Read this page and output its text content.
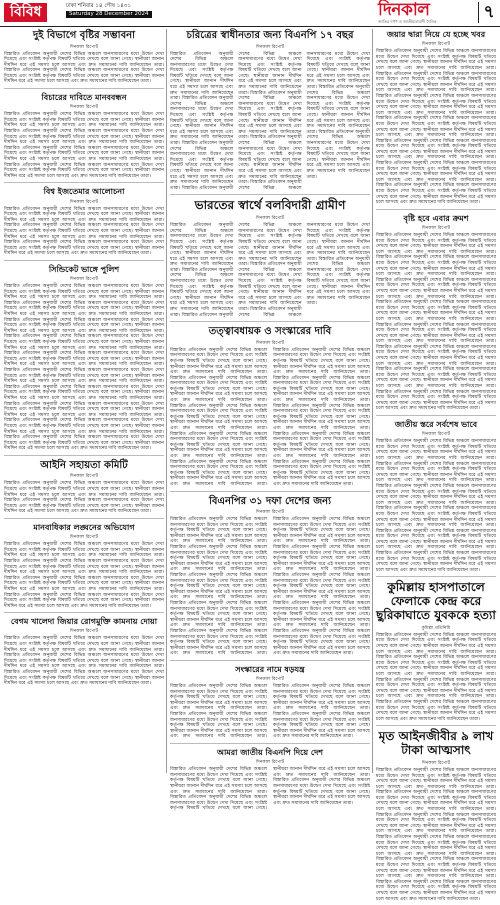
বিবিধ	ঢাকা শনিবার ১৪ পৌষ ১৪৩১
Saturday 28 December 2024	দিনকাল
জাতির দর্পণ ও জাতীয়তাবাদী দৈনিক	৭
দুই বিভাগে বৃষ্টির সম্ভাবনা
দিনকাল রিপোর্ট

বিস্তারিত প্রতিবেদন অনুযায়ী দেশের বিভিন্ন অঞ্চলে জনসাধারণের মধ্যে উদ্বেগ দেখা দিয়েছে এবং সংশ্লিষ্ট কর্তৃপক্ষ বিষয়টি খতিয়ে দেখছে বলে জানা গেছে। স্থানীয়রা জানান দীর্ঘদিন ধরে এই সমস্যা চলে আসছে এবং দ্রুত সমাধানের দাবি জানিয়েছেন তারা। বিস্তারিত প্রতিবেদন অনুযায়ী দেশের বিভিন্ন অঞ্চলে জনসাধারণের মধ্যে উদ্বেগ দেখা দিয়েছে এবং সংশ্লিষ্ট কর্তৃপক্ষ বিষয়টি খতিয়ে দেখছে বলে জানা গেছে। স্থানীয়রা জানান দীর্ঘদিন ধরে এই সমস্যা চলে আসছে এবং দ্রুত সমাধানের দাবি জানিয়েছেন তারা।

বিচারের দাবিতে মানববন্ধন
দিনকাল রিপোর্ট

বিস্তারিত প্রতিবেদন অনুযায়ী দেশের বিভিন্ন অঞ্চলে জনসাধারণের মধ্যে উদ্বেগ দেখা দিয়েছে এবং সংশ্লিষ্ট কর্তৃপক্ষ বিষয়টি খতিয়ে দেখছে বলে জানা গেছে। স্থানীয়রা জানান দীর্ঘদিন ধরে এই সমস্যা চলে আসছে এবং দ্রুত সমাধানের দাবি জানিয়েছেন তারা। বিস্তারিত প্রতিবেদন অনুযায়ী দেশের বিভিন্ন অঞ্চলে জনসাধারণের মধ্যে উদ্বেগ দেখা দিয়েছে এবং সংশ্লিষ্ট কর্তৃপক্ষ বিষয়টি খতিয়ে দেখছে বলে জানা গেছে। স্থানীয়রা জানান দীর্ঘদিন ধরে এই সমস্যা চলে আসছে এবং দ্রুত সমাধানের দাবি জানিয়েছেন তারা। বিস্তারিত প্রতিবেদন অনুযায়ী দেশের বিভিন্ন অঞ্চলে জনসাধারণের মধ্যে উদ্বেগ দেখা দিয়েছে এবং সংশ্লিষ্ট কর্তৃপক্ষ বিষয়টি খতিয়ে দেখছে বলে জানা গেছে। স্থানীয়রা জানান দীর্ঘদিন ধরে এই সমস্যা চলে আসছে এবং দ্রুত সমাধানের দাবি জানিয়েছেন তারা। বিস্তারিত প্রতিবেদন অনুযায়ী দেশের বিভিন্ন অঞ্চলে জনসাধারণের মধ্যে উদ্বেগ দেখা দিয়েছে এবং সংশ্লিষ্ট কর্তৃপক্ষ বিষয়টি খতিয়ে দেখছে বলে জানা গেছে। স্থানীয়রা জানান দীর্ঘদিন ধরে এই সমস্যা চলে আসছে এবং দ্রুত সমাধানের দাবি জানিয়েছেন তারা।

বিশ্ব ইজতেমার আলোচনা
দিনকাল রিপোর্ট

বিস্তারিত প্রতিবেদন অনুযায়ী দেশের বিভিন্ন অঞ্চলে জনসাধারণের মধ্যে উদ্বেগ দেখা দিয়েছে এবং সংশ্লিষ্ট কর্তৃপক্ষ বিষয়টি খতিয়ে দেখছে বলে জানা গেছে। স্থানীয়রা জানান দীর্ঘদিন ধরে এই সমস্যা চলে আসছে এবং দ্রুত সমাধানের দাবি জানিয়েছেন তারা। বিস্তারিত প্রতিবেদন অনুযায়ী দেশের বিভিন্ন অঞ্চলে জনসাধারণের মধ্যে উদ্বেগ দেখা দিয়েছে এবং সংশ্লিষ্ট কর্তৃপক্ষ বিষয়টি খতিয়ে দেখছে বলে জানা গেছে। স্থানীয়রা জানান দীর্ঘদিন ধরে এই সমস্যা চলে আসছে এবং দ্রুত সমাধানের দাবি জানিয়েছেন তারা। বিস্তারিত প্রতিবেদন অনুযায়ী দেশের বিভিন্ন অঞ্চলে জনসাধারণের মধ্যে উদ্বেগ দেখা দিয়েছে এবং সংশ্লিষ্ট কর্তৃপক্ষ বিষয়টি খতিয়ে দেখছে বলে জানা গেছে। স্থানীয়রা জানান দীর্ঘদিন ধরে এই সমস্যা চলে আসছে এবং দ্রুত সমাধানের দাবি জানিয়েছেন তারা।

সিন্ডিকেট ভাঙ্গে পুলিশ
দিনকাল রিপোর্ট

বিস্তারিত প্রতিবেদন অনুযায়ী দেশের বিভিন্ন অঞ্চলে জনসাধারণের মধ্যে উদ্বেগ দেখা দিয়েছে এবং সংশ্লিষ্ট কর্তৃপক্ষ বিষয়টি খতিয়ে দেখছে বলে জানা গেছে। স্থানীয়রা জানান দীর্ঘদিন ধরে এই সমস্যা চলে আসছে এবং দ্রুত সমাধানের দাবি জানিয়েছেন তারা। বিস্তারিত প্রতিবেদন অনুযায়ী দেশের বিভিন্ন অঞ্চলে জনসাধারণের মধ্যে উদ্বেগ দেখা দিয়েছে এবং সংশ্লিষ্ট কর্তৃপক্ষ বিষয়টি খতিয়ে দেখছে বলে জানা গেছে। স্থানীয়রা জানান দীর্ঘদিন ধরে এই সমস্যা চলে আসছে এবং দ্রুত সমাধানের দাবি জানিয়েছেন তারা। বিস্তারিত প্রতিবেদন অনুযায়ী দেশের বিভিন্ন অঞ্চলে জনসাধারণের মধ্যে উদ্বেগ দেখা দিয়েছে এবং সংশ্লিষ্ট কর্তৃপক্ষ বিষয়টি খতিয়ে দেখছে বলে জানা গেছে। স্থানীয়রা জানান দীর্ঘদিন ধরে এই সমস্যা চলে আসছে এবং দ্রুত সমাধানের দাবি জানিয়েছেন তারা। বিস্তারিত প্রতিবেদন অনুযায়ী দেশের বিভিন্ন অঞ্চলে জনসাধারণের মধ্যে উদ্বেগ দেখা দিয়েছে এবং সংশ্লিষ্ট কর্তৃপক্ষ বিষয়টি খতিয়ে দেখছে বলে জানা গেছে। স্থানীয়রা জানান দীর্ঘদিন ধরে এই সমস্যা চলে আসছে এবং দ্রুত সমাধানের দাবি জানিয়েছেন তারা। বিস্তারিত প্রতিবেদন অনুযায়ী দেশের বিভিন্ন অঞ্চলে জনসাধারণের মধ্যে উদ্বেগ দেখা দিয়েছে এবং সংশ্লিষ্ট কর্তৃপক্ষ বিষয়টি খতিয়ে দেখছে বলে জানা গেছে। স্থানীয়রা জানান দীর্ঘদিন ধরে এই সমস্যা চলে আসছে এবং দ্রুত সমাধানের দাবি জানিয়েছেন তারা। বিস্তারিত প্রতিবেদন অনুযায়ী দেশের বিভিন্ন অঞ্চলে জনসাধারণের মধ্যে উদ্বেগ দেখা দিয়েছে এবং সংশ্লিষ্ট কর্তৃপক্ষ বিষয়টি খতিয়ে দেখছে বলে জানা গেছে। স্থানীয়রা জানান দীর্ঘদিন ধরে এই সমস্যা চলে আসছে এবং দ্রুত সমাধানের দাবি জানিয়েছেন তারা। বিস্তারিত প্রতিবেদন অনুযায়ী দেশের বিভিন্ন অঞ্চলে জনসাধারণের মধ্যে উদ্বেগ দেখা দিয়েছে এবং সংশ্লিষ্ট কর্তৃপক্ষ বিষয়টি খতিয়ে দেখছে বলে জানা গেছে। স্থানীয়রা জানান দীর্ঘদিন ধরে এই সমস্যা চলে আসছে এবং দ্রুত সমাধানের দাবি জানিয়েছেন তারা। বিস্তারিত প্রতিবেদন অনুযায়ী দেশের বিভিন্ন অঞ্চলে জনসাধারণের মধ্যে উদ্বেগ দেখা দিয়েছে এবং সংশ্লিষ্ট কর্তৃপক্ষ বিষয়টি খতিয়ে দেখছে বলে জানা গেছে। স্থানীয়রা জানান দীর্ঘদিন ধরে এই সমস্যা চলে আসছে এবং দ্রুত সমাধানের দাবি জানিয়েছেন তারা। বিস্তারিত প্রতিবেদন অনুযায়ী দেশের বিভিন্ন অঞ্চলে জনসাধারণের মধ্যে উদ্বেগ দেখা দিয়েছে এবং সংশ্লিষ্ট কর্তৃপক্ষ বিষয়টি খতিয়ে দেখছে বলে জানা গেছে। স্থানীয়রা জানান দীর্ঘদিন ধরে এই সমস্যা চলে আসছে এবং দ্রুত সমাধানের দাবি জানিয়েছেন তারা। বিস্তারিত প্রতিবেদন অনুযায়ী দেশের বিভিন্ন অঞ্চলে জনসাধারণের মধ্যে উদ্বেগ দেখা দিয়েছে এবং সংশ্লিষ্ট কর্তৃপক্ষ বিষয়টি খতিয়ে দেখছে বলে জানা গেছে। স্থানীয়রা জানান দীর্ঘদিন ধরে এই সমস্যা চলে আসছে এবং দ্রুত সমাধানের দাবি জানিয়েছেন তারা।

আইনি সহায়তা কমিটি
দিনকাল রিপোর্ট

বিস্তারিত প্রতিবেদন অনুযায়ী দেশের বিভিন্ন অঞ্চলে জনসাধারণের মধ্যে উদ্বেগ দেখা দিয়েছে এবং সংশ্লিষ্ট কর্তৃপক্ষ বিষয়টি খতিয়ে দেখছে বলে জানা গেছে। স্থানীয়রা জানান দীর্ঘদিন ধরে এই সমস্যা চলে আসছে এবং দ্রুত সমাধানের দাবি জানিয়েছেন তারা। বিস্তারিত প্রতিবেদন অনুযায়ী দেশের বিভিন্ন অঞ্চলে জনসাধারণের মধ্যে উদ্বেগ দেখা দিয়েছে এবং সংশ্লিষ্ট কর্তৃপক্ষ বিষয়টি খতিয়ে দেখছে বলে জানা গেছে। স্থানীয়রা জানান দীর্ঘদিন ধরে এই সমস্যা চলে আসছে এবং দ্রুত সমাধানের দাবি জানিয়েছেন তারা।

মানবাধিকার লঙ্ঘনের অভিযোগ
দিনকাল রিপোর্ট

বিস্তারিত প্রতিবেদন অনুযায়ী দেশের বিভিন্ন অঞ্চলে জনসাধারণের মধ্যে উদ্বেগ দেখা দিয়েছে এবং সংশ্লিষ্ট কর্তৃপক্ষ বিষয়টি খতিয়ে দেখছে বলে জানা গেছে। স্থানীয়রা জানান দীর্ঘদিন ধরে এই সমস্যা চলে আসছে এবং দ্রুত সমাধানের দাবি জানিয়েছেন তারা। বিস্তারিত প্রতিবেদন অনুযায়ী দেশের বিভিন্ন অঞ্চলে জনসাধারণের মধ্যে উদ্বেগ দেখা দিয়েছে এবং সংশ্লিষ্ট কর্তৃপক্ষ বিষয়টি খতিয়ে দেখছে বলে জানা গেছে। স্থানীয়রা জানান দীর্ঘদিন ধরে এই সমস্যা চলে আসছে এবং দ্রুত সমাধানের দাবি জানিয়েছেন তারা। বিস্তারিত প্রতিবেদন অনুযায়ী দেশের বিভিন্ন অঞ্চলে জনসাধারণের মধ্যে উদ্বেগ দেখা দিয়েছে এবং সংশ্লিষ্ট কর্তৃপক্ষ বিষয়টি খতিয়ে দেখছে বলে জানা গেছে। স্থানীয়রা জানান দীর্ঘদিন ধরে এই সমস্যা চলে আসছে এবং দ্রুত সমাধানের দাবি জানিয়েছেন তারা। বিস্তারিত প্রতিবেদন অনুযায়ী দেশের বিভিন্ন অঞ্চলে জনসাধারণের মধ্যে উদ্বেগ দেখা দিয়েছে এবং সংশ্লিষ্ট কর্তৃপক্ষ বিষয়টি খতিয়ে দেখছে বলে জানা গেছে। স্থানীয়রা জানান দীর্ঘদিন ধরে এই সমস্যা চলে আসছে এবং দ্রুত সমাধানের দাবি জানিয়েছেন তারা।

বেগম খালেদা জিয়ার রোগমুক্তি কামনায় দোয়া
দিনকাল রিপোর্ট

বিস্তারিত প্রতিবেদন অনুযায়ী দেশের বিভিন্ন অঞ্চলে জনসাধারণের মধ্যে উদ্বেগ দেখা দিয়েছে এবং সংশ্লিষ্ট কর্তৃপক্ষ বিষয়টি খতিয়ে দেখছে বলে জানা গেছে। স্থানীয়রা জানান দীর্ঘদিন ধরে এই সমস্যা চলে আসছে এবং দ্রুত সমাধানের দাবি জানিয়েছেন তারা। বিস্তারিত প্রতিবেদন অনুযায়ী দেশের বিভিন্ন অঞ্চলে জনসাধারণের মধ্যে উদ্বেগ দেখা দিয়েছে এবং সংশ্লিষ্ট কর্তৃপক্ষ বিষয়টি খতিয়ে দেখছে বলে জানা গেছে। স্থানীয়রা জানান দীর্ঘদিন ধরে এই সমস্যা চলে আসছে এবং দ্রুত সমাধানের দাবি জানিয়েছেন তারা। বিস্তারিত প্রতিবেদন অনুযায়ী দেশের বিভিন্ন অঞ্চলে জনসাধারণের মধ্যে উদ্বেগ দেখা দিয়েছে এবং সংশ্লিষ্ট কর্তৃপক্ষ বিষয়টি খতিয়ে দেখছে বলে জানা গেছে। স্থানীয়রা জানান দীর্ঘদিন ধরে এই সমস্যা চলে আসছে এবং দ্রুত সমাধানের দাবি জানিয়েছেন তারা।

চরিত্রের স্বাধীনতার জন্য বিএনপি ১৭ বছর
দিনকাল রিপোর্ট

বিস্তারিত প্রতিবেদন অনুযায়ী দেশের বিভিন্ন অঞ্চলে জনসাধারণের মধ্যে উদ্বেগ দেখা দিয়েছে এবং সংশ্লিষ্ট কর্তৃপক্ষ বিষয়টি খতিয়ে দেখছে বলে জানা গেছে। স্থানীয়রা জানান দীর্ঘদিন ধরে এই সমস্যা চলে আসছে এবং দ্রুত সমাধানের দাবি জানিয়েছেন তারা। বিস্তারিত প্রতিবেদন অনুযায়ী দেশের বিভিন্ন অঞ্চলে জনসাধারণের মধ্যে উদ্বেগ দেখা দিয়েছে এবং সংশ্লিষ্ট কর্তৃপক্ষ বিষয়টি খতিয়ে দেখছে বলে জানা গেছে। স্থানীয়রা জানান দীর্ঘদিন ধরে এই সমস্যা চলে আসছে এবং দ্রুত সমাধানের দাবি জানিয়েছেন তারা। বিস্তারিত প্রতিবেদন অনুযায়ী দেশের বিভিন্ন অঞ্চলে জনসাধারণের মধ্যে উদ্বেগ দেখা দিয়েছে এবং সংশ্লিষ্ট কর্তৃপক্ষ বিষয়টি খতিয়ে দেখছে বলে জানা গেছে। স্থানীয়রা জানান দীর্ঘদিন ধরে এই সমস্যা চলে আসছে এবং দ্রুত সমাধানের দাবি জানিয়েছেন তারা। বিস্তারিত প্রতিবেদন অনুযায়ী দেশের বিভিন্ন অঞ্চলে জনসাধারণের মধ্যে উদ্বেগ দেখা দিয়েছে এবং সংশ্লিষ্ট কর্তৃপক্ষ বিষয়টি খতিয়ে দেখছে বলে জানা গেছে। স্থানীয়রা জানান দীর্ঘদিন ধরে এই সমস্যা চলে আসছে এবং দ্রুত সমাধানের দাবি জানিয়েছেন তারা। বিস্তারিত প্রতিবেদন অনুযায়ী দেশের বিভিন্ন অঞ্চলে জনসাধারণের মধ্যে উদ্বেগ দেখা দিয়েছে এবং সংশ্লিষ্ট কর্তৃপক্ষ বিষয়টি খতিয়ে দেখছে বলে জানা গেছে। স্থানীয়রা জানান দীর্ঘদিন ধরে এই সমস্যা চলে আসছে এবং দ্রুত সমাধানের দাবি জানিয়েছেন তারা। বিস্তারিত প্রতিবেদন অনুযায়ী দেশের বিভিন্ন অঞ্চলে জনসাধারণের মধ্যে উদ্বেগ দেখা দিয়েছে এবং সংশ্লিষ্ট কর্তৃপক্ষ বিষয়টি খতিয়ে দেখছে বলে জানা গেছে। স্থানীয়রা জানান দীর্ঘদিন ধরে এই সমস্যা চলে আসছে এবং দ্রুত সমাধানের দাবি জানিয়েছেন তারা। বিস্তারিত প্রতিবেদন অনুযায়ী দেশের বিভিন্ন অঞ্চলে জনসাধারণের মধ্যে উদ্বেগ দেখা দিয়েছে এবং সংশ্লিষ্ট কর্তৃপক্ষ বিষয়টি খতিয়ে দেখছে বলে জানা গেছে। স্থানীয়রা জানান দীর্ঘদিন ধরে এই সমস্যা চলে আসছে এবং দ্রুত সমাধানের দাবি জানিয়েছেন তারা। বিস্তারিত প্রতিবেদন অনুযায়ী দেশের বিভিন্ন অঞ্চলে জনসাধারণের মধ্যে উদ্বেগ দেখা দিয়েছে এবং সংশ্লিষ্ট কর্তৃপক্ষ বিষয়টি খতিয়ে দেখছে বলে জানা গেছে। স্থানীয়রা জানান দীর্ঘদিন ধরে এই সমস্যা চলে আসছে এবং দ্রুত সমাধানের দাবি জানিয়েছেন তারা। বিস্তারিত প্রতিবেদন অনুযায়ী দেশের বিভিন্ন অঞ্চলে জনসাধারণের মধ্যে উদ্বেগ দেখা দিয়েছে এবং সংশ্লিষ্ট কর্তৃপক্ষ বিষয়টি খতিয়ে দেখছে বলে জানা গেছে। স্থানীয়রা জানান দীর্ঘদিন ধরে এই সমস্যা চলে আসছে এবং দ্রুত সমাধানের দাবি জানিয়েছেন তারা।

ভারতের স্বার্থে বলবিদারী গ্রামীণ
দিনকাল রিপোর্ট

বিস্তারিত প্রতিবেদন অনুযায়ী দেশের বিভিন্ন অঞ্চলে জনসাধারণের মধ্যে উদ্বেগ দেখা দিয়েছে এবং সংশ্লিষ্ট কর্তৃপক্ষ বিষয়টি খতিয়ে দেখছে বলে জানা গেছে। স্থানীয়রা জানান দীর্ঘদিন ধরে এই সমস্যা চলে আসছে এবং দ্রুত সমাধানের দাবি জানিয়েছেন তারা। বিস্তারিত প্রতিবেদন অনুযায়ী দেশের বিভিন্ন অঞ্চলে জনসাধারণের মধ্যে উদ্বেগ দেখা দিয়েছে এবং সংশ্লিষ্ট কর্তৃপক্ষ বিষয়টি খতিয়ে দেখছে বলে জানা গেছে। স্থানীয়রা জানান দীর্ঘদিন ধরে এই সমস্যা চলে আসছে এবং দ্রুত সমাধানের দাবি জানিয়েছেন তারা। বিস্তারিত প্রতিবেদন অনুযায়ী দেশের বিভিন্ন অঞ্চলে জনসাধারণের মধ্যে উদ্বেগ দেখা দিয়েছে এবং সংশ্লিষ্ট কর্তৃপক্ষ বিষয়টি খতিয়ে দেখছে বলে জানা গেছে। স্থানীয়রা জানান দীর্ঘদিন ধরে এই সমস্যা চলে আসছে এবং দ্রুত সমাধানের দাবি জানিয়েছেন তারা। বিস্তারিত প্রতিবেদন অনুযায়ী দেশের বিভিন্ন অঞ্চলে জনসাধারণের মধ্যে উদ্বেগ দেখা দিয়েছে এবং সংশ্লিষ্ট কর্তৃপক্ষ বিষয়টি খতিয়ে দেখছে বলে জানা গেছে। স্থানীয়রা জানান দীর্ঘদিন ধরে এই সমস্যা চলে আসছে এবং দ্রুত সমাধানের দাবি জানিয়েছেন তারা। বিস্তারিত প্রতিবেদন অনুযায়ী দেশের বিভিন্ন অঞ্চলে জনসাধারণের মধ্যে উদ্বেগ দেখা দিয়েছে এবং সংশ্লিষ্ট কর্তৃপক্ষ বিষয়টি খতিয়ে দেখছে বলে জানা গেছে। স্থানীয়রা জানান দীর্ঘদিন ধরে এই সমস্যা চলে আসছে এবং দ্রুত সমাধানের দাবি জানিয়েছেন তারা। বিস্তারিত প্রতিবেদন অনুযায়ী দেশের বিভিন্ন অঞ্চলে জনসাধারণের মধ্যে উদ্বেগ দেখা দিয়েছে এবং সংশ্লিষ্ট কর্তৃপক্ষ বিষয়টি খতিয়ে দেখছে বলে জানা গেছে। স্থানীয়রা জানান দীর্ঘদিন ধরে এই সমস্যা চলে আসছে এবং দ্রুত সমাধানের দাবি জানিয়েছেন তারা।

তত্ত্বাবধায়ক ও সংস্কারের দাবি
দিনকাল রিপোর্ট

বিস্তারিত প্রতিবেদন অনুযায়ী দেশের বিভিন্ন অঞ্চলে জনসাধারণের মধ্যে উদ্বেগ দেখা দিয়েছে এবং সংশ্লিষ্ট কর্তৃপক্ষ বিষয়টি খতিয়ে দেখছে বলে জানা গেছে। স্থানীয়রা জানান দীর্ঘদিন ধরে এই সমস্যা চলে আসছে এবং দ্রুত সমাধানের দাবি জানিয়েছেন তারা। বিস্তারিত প্রতিবেদন অনুযায়ী দেশের বিভিন্ন অঞ্চলে জনসাধারণের মধ্যে উদ্বেগ দেখা দিয়েছে এবং সংশ্লিষ্ট কর্তৃপক্ষ বিষয়টি খতিয়ে দেখছে বলে জানা গেছে। স্থানীয়রা জানান দীর্ঘদিন ধরে এই সমস্যা চলে আসছে এবং দ্রুত সমাধানের দাবি জানিয়েছেন তারা। বিস্তারিত প্রতিবেদন অনুযায়ী দেশের বিভিন্ন অঞ্চলে জনসাধারণের মধ্যে উদ্বেগ দেখা দিয়েছে এবং সংশ্লিষ্ট কর্তৃপক্ষ বিষয়টি খতিয়ে দেখছে বলে জানা গেছে। স্থানীয়রা জানান দীর্ঘদিন ধরে এই সমস্যা চলে আসছে এবং দ্রুত সমাধানের দাবি জানিয়েছেন তারা। বিস্তারিত প্রতিবেদন অনুযায়ী দেশের বিভিন্ন অঞ্চলে জনসাধারণের মধ্যে উদ্বেগ দেখা দিয়েছে এবং সংশ্লিষ্ট কর্তৃপক্ষ বিষয়টি খতিয়ে দেখছে বলে জানা গেছে। স্থানীয়রা জানান দীর্ঘদিন ধরে এই সমস্যা চলে আসছে এবং দ্রুত সমাধানের দাবি জানিয়েছেন তারা। বিস্তারিত প্রতিবেদন অনুযায়ী দেশের বিভিন্ন অঞ্চলে জনসাধারণের মধ্যে উদ্বেগ দেখা দিয়েছে এবং সংশ্লিষ্ট কর্তৃপক্ষ বিষয়টি খতিয়ে দেখছে বলে জানা গেছে। স্থানীয়রা জানান দীর্ঘদিন ধরে এই সমস্যা চলে আসছে এবং দ্রুত সমাধানের দাবি জানিয়েছেন তারা। বিস্তারিত প্রতিবেদন অনুযায়ী দেশের বিভিন্ন অঞ্চলে জনসাধারণের মধ্যে উদ্বেগ দেখা দিয়েছে এবং সংশ্লিষ্ট কর্তৃপক্ষ বিষয়টি খতিয়ে দেখছে বলে জানা গেছে। স্থানীয়রা জানান দীর্ঘদিন ধরে এই সমস্যা চলে আসছে এবং দ্রুত সমাধানের দাবি জানিয়েছেন তারা। বিস্তারিত প্রতিবেদন অনুযায়ী দেশের বিভিন্ন অঞ্চলে জনসাধারণের মধ্যে উদ্বেগ দেখা দিয়েছে এবং সংশ্লিষ্ট কর্তৃপক্ষ বিষয়টি খতিয়ে দেখছে বলে জানা গেছে। স্থানীয়রা জানান দীর্ঘদিন ধরে এই সমস্যা চলে আসছে এবং দ্রুত সমাধানের দাবি জানিয়েছেন তারা। বিস্তারিত প্রতিবেদন অনুযায়ী দেশের বিভিন্ন অঞ্চলে জনসাধারণের মধ্যে উদ্বেগ দেখা দিয়েছে এবং সংশ্লিষ্ট কর্তৃপক্ষ বিষয়টি খতিয়ে দেখছে বলে জানা গেছে। স্থানীয়রা জানান দীর্ঘদিন ধরে এই সমস্যা চলে আসছে এবং দ্রুত সমাধানের দাবি জানিয়েছেন তারা। বিস্তারিত প্রতিবেদন অনুযায়ী দেশের বিভিন্ন অঞ্চলে জনসাধারণের মধ্যে উদ্বেগ দেখা দিয়েছে এবং সংশ্লিষ্ট কর্তৃপক্ষ বিষয়টি খতিয়ে দেখছে বলে জানা গেছে। স্থানীয়রা জানান দীর্ঘদিন ধরে এই সমস্যা চলে আসছে এবং দ্রুত সমাধানের দাবি জানিয়েছেন তারা। বিস্তারিত প্রতিবেদন অনুযায়ী দেশের বিভিন্ন অঞ্চলে জনসাধারণের মধ্যে উদ্বেগ দেখা দিয়েছে এবং সংশ্লিষ্ট কর্তৃপক্ষ বিষয়টি খতিয়ে দেখছে বলে জানা গেছে। স্থানীয়রা জানান দীর্ঘদিন ধরে এই সমস্যা চলে আসছে এবং দ্রুত সমাধানের দাবি জানিয়েছেন তারা।

বিএনপির ৩১ দফা দেশের জন্য
দিনকাল রিপোর্ট

বিস্তারিত প্রতিবেদন অনুযায়ী দেশের বিভিন্ন অঞ্চলে জনসাধারণের মধ্যে উদ্বেগ দেখা দিয়েছে এবং সংশ্লিষ্ট কর্তৃপক্ষ বিষয়টি খতিয়ে দেখছে বলে জানা গেছে। স্থানীয়রা জানান দীর্ঘদিন ধরে এই সমস্যা চলে আসছে এবং দ্রুত সমাধানের দাবি জানিয়েছেন তারা। বিস্তারিত প্রতিবেদন অনুযায়ী দেশের বিভিন্ন অঞ্চলে জনসাধারণের মধ্যে উদ্বেগ দেখা দিয়েছে এবং সংশ্লিষ্ট কর্তৃপক্ষ বিষয়টি খতিয়ে দেখছে বলে জানা গেছে। স্থানীয়রা জানান দীর্ঘদিন ধরে এই সমস্যা চলে আসছে এবং দ্রুত সমাধানের দাবি জানিয়েছেন তারা। বিস্তারিত প্রতিবেদন অনুযায়ী দেশের বিভিন্ন অঞ্চলে জনসাধারণের মধ্যে উদ্বেগ দেখা দিয়েছে এবং সংশ্লিষ্ট কর্তৃপক্ষ বিষয়টি খতিয়ে দেখছে বলে জানা গেছে। স্থানীয়রা জানান দীর্ঘদিন ধরে এই সমস্যা চলে আসছে এবং দ্রুত সমাধানের দাবি জানিয়েছেন তারা। বিস্তারিত প্রতিবেদন অনুযায়ী দেশের বিভিন্ন অঞ্চলে জনসাধারণের মধ্যে উদ্বেগ দেখা দিয়েছে এবং সংশ্লিষ্ট কর্তৃপক্ষ বিষয়টি খতিয়ে দেখছে বলে জানা গেছে। স্থানীয়রা জানান দীর্ঘদিন ধরে এই সমস্যা চলে আসছে এবং দ্রুত সমাধানের দাবি জানিয়েছেন তারা। বিস্তারিত প্রতিবেদন অনুযায়ী দেশের বিভিন্ন অঞ্চলে জনসাধারণের মধ্যে উদ্বেগ দেখা দিয়েছে এবং সংশ্লিষ্ট কর্তৃপক্ষ বিষয়টি খতিয়ে দেখছে বলে জানা গেছে। স্থানীয়রা জানান দীর্ঘদিন ধরে এই সমস্যা চলে আসছে এবং দ্রুত সমাধানের দাবি জানিয়েছেন তারা। বিস্তারিত প্রতিবেদন অনুযায়ী দেশের বিভিন্ন অঞ্চলে জনসাধারণের মধ্যে উদ্বেগ দেখা দিয়েছে এবং সংশ্লিষ্ট কর্তৃপক্ষ বিষয়টি খতিয়ে দেখছে বলে জানা গেছে। স্থানীয়রা জানান দীর্ঘদিন ধরে এই সমস্যা চলে আসছে এবং দ্রুত সমাধানের দাবি জানিয়েছেন তারা। বিস্তারিত প্রতিবেদন অনুযায়ী দেশের বিভিন্ন অঞ্চলে জনসাধারণের মধ্যে উদ্বেগ দেখা দিয়েছে এবং সংশ্লিষ্ট কর্তৃপক্ষ বিষয়টি খতিয়ে দেখছে বলে জানা গেছে। স্থানীয়রা জানান দীর্ঘদিন ধরে এই সমস্যা চলে আসছে এবং দ্রুত সমাধানের দাবি জানিয়েছেন তারা। বিস্তারিত প্রতিবেদন অনুযায়ী দেশের বিভিন্ন অঞ্চলে জনসাধারণের মধ্যে উদ্বেগ দেখা দিয়েছে এবং সংশ্লিষ্ট কর্তৃপক্ষ বিষয়টি খতিয়ে দেখছে বলে জানা গেছে। স্থানীয়রা জানান দীর্ঘদিন ধরে এই সমস্যা চলে আসছে এবং দ্রুত সমাধানের দাবি জানিয়েছেন তারা। বিস্তারিত প্রতিবেদন অনুযায়ী দেশের বিভিন্ন অঞ্চলে জনসাধারণের মধ্যে উদ্বেগ দেখা দিয়েছে এবং সংশ্লিষ্ট কর্তৃপক্ষ বিষয়টি খতিয়ে দেখছে বলে জানা গেছে। স্থানীয়রা জানান দীর্ঘদিন ধরে এই সমস্যা চলে আসছে এবং দ্রুত সমাধানের দাবি জানিয়েছেন তারা। বিস্তারিত প্রতিবেদন অনুযায়ী দেশের বিভিন্ন অঞ্চলে জনসাধারণের মধ্যে উদ্বেগ দেখা দিয়েছে এবং সংশ্লিষ্ট কর্তৃপক্ষ বিষয়টি খতিয়ে দেখছে বলে জানা গেছে। স্থানীয়রা জানান দীর্ঘদিন ধরে এই সমস্যা চলে আসছে এবং দ্রুত সমাধানের দাবি জানিয়েছেন তারা।

সংস্কারের নামে ষড়যন্ত্র
দিনকাল রিপোর্ট

বিস্তারিত প্রতিবেদন অনুযায়ী দেশের বিভিন্ন অঞ্চলে জনসাধারণের মধ্যে উদ্বেগ দেখা দিয়েছে এবং সংশ্লিষ্ট কর্তৃপক্ষ বিষয়টি খতিয়ে দেখছে বলে জানা গেছে। স্থানীয়রা জানান দীর্ঘদিন ধরে এই সমস্যা চলে আসছে এবং দ্রুত সমাধানের দাবি জানিয়েছেন তারা। বিস্তারিত প্রতিবেদন অনুযায়ী দেশের বিভিন্ন অঞ্চলে জনসাধারণের মধ্যে উদ্বেগ দেখা দিয়েছে এবং সংশ্লিষ্ট কর্তৃপক্ষ বিষয়টি খতিয়ে দেখছে বলে জানা গেছে। স্থানীয়রা জানান দীর্ঘদিন ধরে এই সমস্যা চলে আসছে এবং দ্রুত সমাধানের দাবি জানিয়েছেন তারা। বিস্তারিত প্রতিবেদন অনুযায়ী দেশের বিভিন্ন অঞ্চলে জনসাধারণের মধ্যে উদ্বেগ দেখা দিয়েছে এবং সংশ্লিষ্ট কর্তৃপক্ষ বিষয়টি খতিয়ে দেখছে বলে জানা গেছে। স্থানীয়রা জানান দীর্ঘদিন ধরে এই সমস্যা চলে আসছে এবং দ্রুত সমাধানের দাবি জানিয়েছেন তারা। বিস্তারিত প্রতিবেদন অনুযায়ী দেশের বিভিন্ন অঞ্চলে জনসাধারণের মধ্যে উদ্বেগ দেখা দিয়েছে এবং সংশ্লিষ্ট কর্তৃপক্ষ বিষয়টি খতিয়ে দেখছে বলে জানা গেছে। স্থানীয়রা জানান দীর্ঘদিন ধরে এই সমস্যা চলে আসছে এবং দ্রুত সমাধানের দাবি জানিয়েছেন তারা।

আমরা জাতীয় বিএনপি দিয়ে দেশ
দিনকাল রিপোর্ট

বিস্তারিত প্রতিবেদন অনুযায়ী দেশের বিভিন্ন অঞ্চলে জনসাধারণের মধ্যে উদ্বেগ দেখা দিয়েছে এবং সংশ্লিষ্ট কর্তৃপক্ষ বিষয়টি খতিয়ে দেখছে বলে জানা গেছে। স্থানীয়রা জানান দীর্ঘদিন ধরে এই সমস্যা চলে আসছে এবং দ্রুত সমাধানের দাবি জানিয়েছেন তারা। বিস্তারিত প্রতিবেদন অনুযায়ী দেশের বিভিন্ন অঞ্চলে জনসাধারণের মধ্যে উদ্বেগ দেখা দিয়েছে এবং সংশ্লিষ্ট কর্তৃপক্ষ বিষয়টি খতিয়ে দেখছে বলে জানা গেছে। স্থানীয়রা জানান দীর্ঘদিন ধরে এই সমস্যা চলে আসছে এবং দ্রুত সমাধানের দাবি জানিয়েছেন তারা। বিস্তারিত প্রতিবেদন অনুযায়ী দেশের বিভিন্ন অঞ্চলে জনসাধারণের মধ্যে উদ্বেগ দেখা দিয়েছে এবং সংশ্লিষ্ট কর্তৃপক্ষ বিষয়টি খতিয়ে দেখছে বলে জানা গেছে। স্থানীয়রা জানান দীর্ঘদিন ধরে এই সমস্যা চলে আসছে এবং দ্রুত সমাধানের দাবি জানিয়েছেন তারা।

জয়ার দ্বারা নিয়ে যে হচ্ছে খবর
দিনকাল রিপোর্ট

বিস্তারিত প্রতিবেদন অনুযায়ী দেশের বিভিন্ন অঞ্চলে জনসাধারণের মধ্যে উদ্বেগ দেখা দিয়েছে এবং সংশ্লিষ্ট কর্তৃপক্ষ বিষয়টি খতিয়ে দেখছে বলে জানা গেছে। স্থানীয়রা জানান দীর্ঘদিন ধরে এই সমস্যা চলে আসছে এবং দ্রুত সমাধানের দাবি জানিয়েছেন তারা। বিস্তারিত প্রতিবেদন অনুযায়ী দেশের বিভিন্ন অঞ্চলে জনসাধারণের মধ্যে উদ্বেগ দেখা দিয়েছে এবং সংশ্লিষ্ট কর্তৃপক্ষ বিষয়টি খতিয়ে দেখছে বলে জানা গেছে। স্থানীয়রা জানান দীর্ঘদিন ধরে এই সমস্যা চলে আসছে এবং দ্রুত সমাধানের দাবি জানিয়েছেন তারা। বিস্তারিত প্রতিবেদন অনুযায়ী দেশের বিভিন্ন অঞ্চলে জনসাধারণের মধ্যে উদ্বেগ দেখা দিয়েছে এবং সংশ্লিষ্ট কর্তৃপক্ষ বিষয়টি খতিয়ে দেখছে বলে জানা গেছে। স্থানীয়রা জানান দীর্ঘদিন ধরে এই সমস্যা চলে আসছে এবং দ্রুত সমাধানের দাবি জানিয়েছেন তারা। বিস্তারিত প্রতিবেদন অনুযায়ী দেশের বিভিন্ন অঞ্চলে জনসাধারণের মধ্যে উদ্বেগ দেখা দিয়েছে এবং সংশ্লিষ্ট কর্তৃপক্ষ বিষয়টি খতিয়ে দেখছে বলে জানা গেছে। স্থানীয়রা জানান দীর্ঘদিন ধরে এই সমস্যা চলে আসছে এবং দ্রুত সমাধানের দাবি জানিয়েছেন তারা। বিস্তারিত প্রতিবেদন অনুযায়ী দেশের বিভিন্ন অঞ্চলে জনসাধারণের মধ্যে উদ্বেগ দেখা দিয়েছে এবং সংশ্লিষ্ট কর্তৃপক্ষ বিষয়টি খতিয়ে দেখছে বলে জানা গেছে। স্থানীয়রা জানান দীর্ঘদিন ধরে এই সমস্যা চলে আসছে এবং দ্রুত সমাধানের দাবি জানিয়েছেন তারা। বিস্তারিত প্রতিবেদন অনুযায়ী দেশের বিভিন্ন অঞ্চলে জনসাধারণের মধ্যে উদ্বেগ দেখা দিয়েছে এবং সংশ্লিষ্ট কর্তৃপক্ষ বিষয়টি খতিয়ে দেখছে বলে জানা গেছে। স্থানীয়রা জানান দীর্ঘদিন ধরে এই সমস্যা চলে আসছে এবং দ্রুত সমাধানের দাবি জানিয়েছেন তারা। বিস্তারিত প্রতিবেদন অনুযায়ী দেশের বিভিন্ন অঞ্চলে জনসাধারণের মধ্যে উদ্বেগ দেখা দিয়েছে এবং সংশ্লিষ্ট কর্তৃপক্ষ বিষয়টি খতিয়ে দেখছে বলে জানা গেছে। স্থানীয়রা জানান দীর্ঘদিন ধরে এই সমস্যা চলে আসছে এবং দ্রুত সমাধানের দাবি জানিয়েছেন তারা।

বৃষ্টি হবে এবার ক্রমশ
দিনকাল রিপোর্ট

বিস্তারিত প্রতিবেদন অনুযায়ী দেশের বিভিন্ন অঞ্চলে জনসাধারণের মধ্যে উদ্বেগ দেখা দিয়েছে এবং সংশ্লিষ্ট কর্তৃপক্ষ বিষয়টি খতিয়ে দেখছে বলে জানা গেছে। স্থানীয়রা জানান দীর্ঘদিন ধরে এই সমস্যা চলে আসছে এবং দ্রুত সমাধানের দাবি জানিয়েছেন তারা। বিস্তারিত প্রতিবেদন অনুযায়ী দেশের বিভিন্ন অঞ্চলে জনসাধারণের মধ্যে উদ্বেগ দেখা দিয়েছে এবং সংশ্লিষ্ট কর্তৃপক্ষ বিষয়টি খতিয়ে দেখছে বলে জানা গেছে। স্থানীয়রা জানান দীর্ঘদিন ধরে এই সমস্যা চলে আসছে এবং দ্রুত সমাধানের দাবি জানিয়েছেন তারা। বিস্তারিত প্রতিবেদন অনুযায়ী দেশের বিভিন্ন অঞ্চলে জনসাধারণের মধ্যে উদ্বেগ দেখা দিয়েছে এবং সংশ্লিষ্ট কর্তৃপক্ষ বিষয়টি খতিয়ে দেখছে বলে জানা গেছে। স্থানীয়রা জানান দীর্ঘদিন ধরে এই সমস্যা চলে আসছে এবং দ্রুত সমাধানের দাবি জানিয়েছেন তারা। বিস্তারিত প্রতিবেদন অনুযায়ী দেশের বিভিন্ন অঞ্চলে জনসাধারণের মধ্যে উদ্বেগ দেখা দিয়েছে এবং সংশ্লিষ্ট কর্তৃপক্ষ বিষয়টি খতিয়ে দেখছে বলে জানা গেছে। স্থানীয়রা জানান দীর্ঘদিন ধরে এই সমস্যা চলে আসছে এবং দ্রুত সমাধানের দাবি জানিয়েছেন তারা। বিস্তারিত প্রতিবেদন অনুযায়ী দেশের বিভিন্ন অঞ্চলে জনসাধারণের মধ্যে উদ্বেগ দেখা দিয়েছে এবং সংশ্লিষ্ট কর্তৃপক্ষ বিষয়টি খতিয়ে দেখছে বলে জানা গেছে। স্থানীয়রা জানান দীর্ঘদিন ধরে এই সমস্যা চলে আসছে এবং দ্রুত সমাধানের দাবি জানিয়েছেন তারা। বিস্তারিত প্রতিবেদন অনুযায়ী দেশের বিভিন্ন অঞ্চলে জনসাধারণের মধ্যে উদ্বেগ দেখা দিয়েছে এবং সংশ্লিষ্ট কর্তৃপক্ষ বিষয়টি খতিয়ে দেখছে বলে জানা গেছে। স্থানীয়রা জানান দীর্ঘদিন ধরে এই সমস্যা চলে আসছে এবং দ্রুত সমাধানের দাবি জানিয়েছেন তারা। বিস্তারিত প্রতিবেদন অনুযায়ী দেশের বিভিন্ন অঞ্চলে জনসাধারণের মধ্যে উদ্বেগ দেখা দিয়েছে এবং সংশ্লিষ্ট কর্তৃপক্ষ বিষয়টি খতিয়ে দেখছে বলে জানা গেছে। স্থানীয়রা জানান দীর্ঘদিন ধরে এই সমস্যা চলে আসছে এবং দ্রুত সমাধানের দাবি জানিয়েছেন তারা। বিস্তারিত প্রতিবেদন অনুযায়ী দেশের বিভিন্ন অঞ্চলে জনসাধারণের মধ্যে উদ্বেগ দেখা দিয়েছে এবং সংশ্লিষ্ট কর্তৃপক্ষ বিষয়টি খতিয়ে দেখছে বলে জানা গেছে। স্থানীয়রা জানান দীর্ঘদিন ধরে এই সমস্যা চলে আসছে এবং দ্রুত সমাধানের দাবি জানিয়েছেন তারা।

জাতীয় স্তরে সর্বশেষ ভাবে
দিনকাল রিপোর্ট

বিস্তারিত প্রতিবেদন অনুযায়ী দেশের বিভিন্ন অঞ্চলে জনসাধারণের মধ্যে উদ্বেগ দেখা দিয়েছে এবং সংশ্লিষ্ট কর্তৃপক্ষ বিষয়টি খতিয়ে দেখছে বলে জানা গেছে। স্থানীয়রা জানান দীর্ঘদিন ধরে এই সমস্যা চলে আসছে এবং দ্রুত সমাধানের দাবি জানিয়েছেন তারা। বিস্তারিত প্রতিবেদন অনুযায়ী দেশের বিভিন্ন অঞ্চলে জনসাধারণের মধ্যে উদ্বেগ দেখা দিয়েছে এবং সংশ্লিষ্ট কর্তৃপক্ষ বিষয়টি খতিয়ে দেখছে বলে জানা গেছে। স্থানীয়রা জানান দীর্ঘদিন ধরে এই সমস্যা চলে আসছে এবং দ্রুত সমাধানের দাবি জানিয়েছেন তারা। বিস্তারিত প্রতিবেদন অনুযায়ী দেশের বিভিন্ন অঞ্চলে জনসাধারণের মধ্যে উদ্বেগ দেখা দিয়েছে এবং সংশ্লিষ্ট কর্তৃপক্ষ বিষয়টি খতিয়ে দেখছে বলে জানা গেছে। স্থানীয়রা জানান দীর্ঘদিন ধরে এই সমস্যা চলে আসছে এবং দ্রুত সমাধানের দাবি জানিয়েছেন তারা। বিস্তারিত প্রতিবেদন অনুযায়ী দেশের বিভিন্ন অঞ্চলে জনসাধারণের মধ্যে উদ্বেগ দেখা দিয়েছে এবং সংশ্লিষ্ট কর্তৃপক্ষ বিষয়টি খতিয়ে দেখছে বলে জানা গেছে। স্থানীয়রা জানান দীর্ঘদিন ধরে এই সমস্যা চলে আসছে এবং দ্রুত সমাধানের দাবি জানিয়েছেন তারা। বিস্তারিত প্রতিবেদন অনুযায়ী দেশের বিভিন্ন অঞ্চলে জনসাধারণের মধ্যে উদ্বেগ দেখা দিয়েছে এবং সংশ্লিষ্ট কর্তৃপক্ষ বিষয়টি খতিয়ে দেখছে বলে জানা গেছে। স্থানীয়রা জানান দীর্ঘদিন ধরে এই সমস্যা চলে আসছে এবং দ্রুত সমাধানের দাবি জানিয়েছেন তারা। বিস্তারিত প্রতিবেদন অনুযায়ী দেশের বিভিন্ন অঞ্চলে জনসাধারণের মধ্যে উদ্বেগ দেখা দিয়েছে এবং সংশ্লিষ্ট কর্তৃপক্ষ বিষয়টি খতিয়ে দেখছে বলে জানা গেছে। স্থানীয়রা জানান দীর্ঘদিন ধরে এই সমস্যা চলে আসছে এবং দ্রুত সমাধানের দাবি জানিয়েছেন তারা।

কুমিল্লায় হাসপাতালে ফেলাকে কেন্দ্র করে ছুরিকাঘাতে যুবককে হত্যা
কুমিল্লা প্রতিনিধি

বিস্তারিত প্রতিবেদন অনুযায়ী দেশের বিভিন্ন অঞ্চলে জনসাধারণের মধ্যে উদ্বেগ দেখা দিয়েছে এবং সংশ্লিষ্ট কর্তৃপক্ষ বিষয়টি খতিয়ে দেখছে বলে জানা গেছে। স্থানীয়রা জানান দীর্ঘদিন ধরে এই সমস্যা চলে আসছে এবং দ্রুত সমাধানের দাবি জানিয়েছেন তারা। বিস্তারিত প্রতিবেদন অনুযায়ী দেশের বিভিন্ন অঞ্চলে জনসাধারণের মধ্যে উদ্বেগ দেখা দিয়েছে এবং সংশ্লিষ্ট কর্তৃপক্ষ বিষয়টি খতিয়ে দেখছে বলে জানা গেছে। স্থানীয়রা জানান দীর্ঘদিন ধরে এই সমস্যা চলে আসছে এবং দ্রুত সমাধানের দাবি জানিয়েছেন তারা। বিস্তারিত প্রতিবেদন অনুযায়ী দেশের বিভিন্ন অঞ্চলে জনসাধারণের মধ্যে উদ্বেগ দেখা দিয়েছে এবং সংশ্লিষ্ট কর্তৃপক্ষ বিষয়টি খতিয়ে দেখছে বলে জানা গেছে। স্থানীয়রা জানান দীর্ঘদিন ধরে এই সমস্যা চলে আসছে এবং দ্রুত সমাধানের দাবি জানিয়েছেন তারা। বিস্তারিত প্রতিবেদন অনুযায়ী দেশের বিভিন্ন অঞ্চলে জনসাধারণের মধ্যে উদ্বেগ দেখা দিয়েছে এবং সংশ্লিষ্ট কর্তৃপক্ষ বিষয়টি খতিয়ে দেখছে বলে জানা গেছে। স্থানীয়রা জানান দীর্ঘদিন ধরে এই সমস্যা চলে আসছে এবং দ্রুত সমাধানের দাবি জানিয়েছেন তারা।

মৃত আইনজীবীর ৯ লাখ টাকা আত্মসাৎ
দিনকাল রিপোর্ট

বিস্তারিত প্রতিবেদন অনুযায়ী দেশের বিভিন্ন অঞ্চলে জনসাধারণের মধ্যে উদ্বেগ দেখা দিয়েছে এবং সংশ্লিষ্ট কর্তৃপক্ষ বিষয়টি খতিয়ে দেখছে বলে জানা গেছে। স্থানীয়রা জানান দীর্ঘদিন ধরে এই সমস্যা চলে আসছে এবং দ্রুত সমাধানের দাবি জানিয়েছেন তারা। বিস্তারিত প্রতিবেদন অনুযায়ী দেশের বিভিন্ন অঞ্চলে জনসাধারণের মধ্যে উদ্বেগ দেখা দিয়েছে এবং সংশ্লিষ্ট কর্তৃপক্ষ বিষয়টি খতিয়ে দেখছে বলে জানা গেছে। স্থানীয়রা জানান দীর্ঘদিন ধরে এই সমস্যা চলে আসছে এবং দ্রুত সমাধানের দাবি জানিয়েছেন তারা। বিস্তারিত প্রতিবেদন অনুযায়ী দেশের বিভিন্ন অঞ্চলে জনসাধারণের মধ্যে উদ্বেগ দেখা দিয়েছে এবং সংশ্লিষ্ট কর্তৃপক্ষ বিষয়টি খতিয়ে দেখছে বলে জানা গেছে। স্থানীয়রা জানান দীর্ঘদিন ধরে এই সমস্যা চলে আসছে এবং দ্রুত সমাধানের দাবি জানিয়েছেন তারা। বিস্তারিত প্রতিবেদন অনুযায়ী দেশের বিভিন্ন অঞ্চলে জনসাধারণের মধ্যে উদ্বেগ দেখা দিয়েছে এবং সংশ্লিষ্ট কর্তৃপক্ষ বিষয়টি খতিয়ে দেখছে বলে জানা গেছে। স্থানীয়রা জানান দীর্ঘদিন ধরে এই সমস্যা চলে আসছে এবং দ্রুত সমাধানের দাবি জানিয়েছেন তারা। বিস্তারিত প্রতিবেদন অনুযায়ী দেশের বিভিন্ন অঞ্চলে জনসাধারণের মধ্যে উদ্বেগ দেখা দিয়েছে এবং সংশ্লিষ্ট কর্তৃপক্ষ বিষয়টি খতিয়ে দেখছে বলে জানা গেছে। স্থানীয়রা জানান দীর্ঘদিন ধরে এই সমস্যা চলে আসছে এবং দ্রুত সমাধানের দাবি জানিয়েছেন তারা। বিস্তারিত প্রতিবেদন অনুযায়ী দেশের বিভিন্ন অঞ্চলে জনসাধারণের মধ্যে উদ্বেগ দেখা দিয়েছে এবং সংশ্লিষ্ট কর্তৃপক্ষ বিষয়টি খতিয়ে দেখছে বলে জানা গেছে। স্থানীয়রা জানান দীর্ঘদিন ধরে এই সমস্যা চলে আসছে এবং দ্রুত সমাধানের দাবি জানিয়েছেন তারা।
